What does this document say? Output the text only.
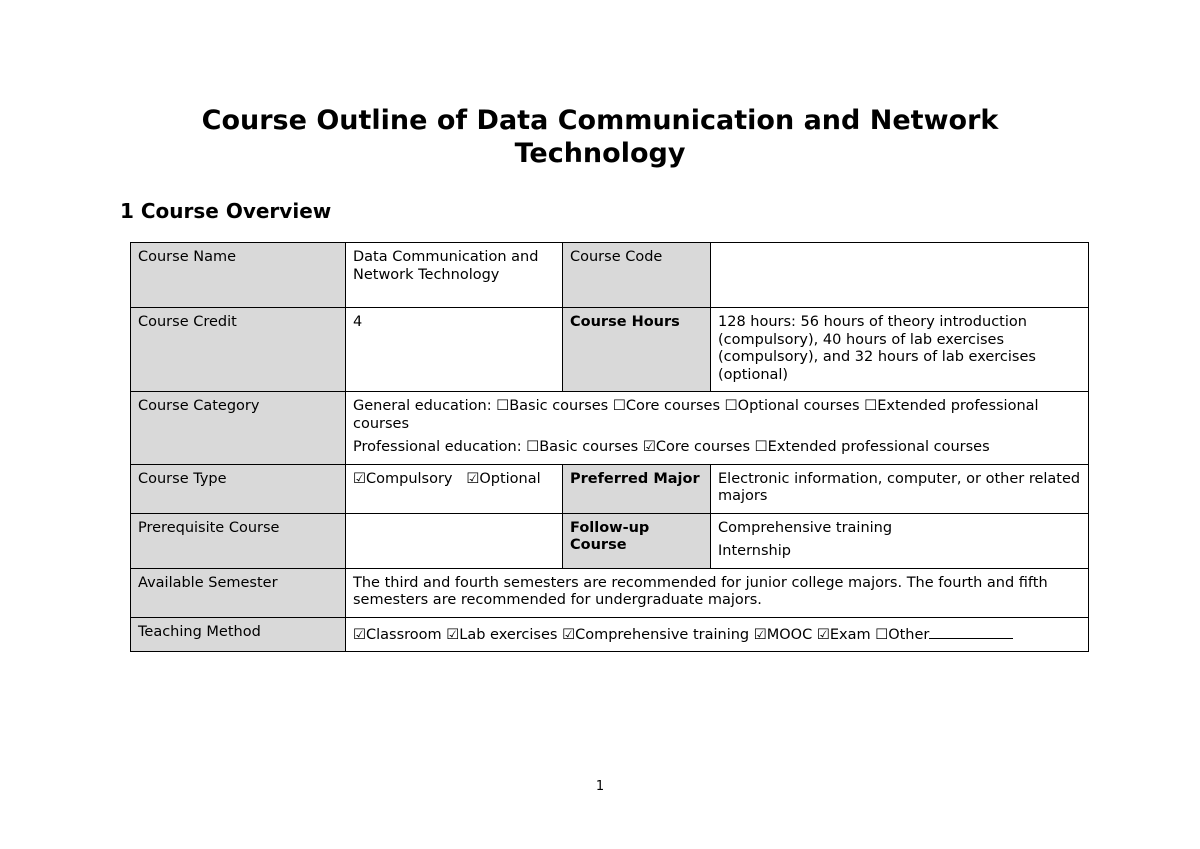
Course Outline of Data Communication and Network Technology
1 Course Overview
Course Name	Data Communication and Network Technology	Course Code	
Course Credit	4	Course Hours	128 hours: 56 hours of theory introduction (compulsory), 40 hours of lab exercises (compulsory), and 32 hours of lab exercises (optional)
Course Category	General education: ☐Basic courses ☐Core courses ☐Optional courses ☐Extended professional courses
Professional education: ☐Basic courses ☑Core courses ☐Extended professional courses		

Course Type	☑Compulsory ☑Optional	Preferred Major	Electronic information, computer, or other related majors
Prerequisite Course		Follow-up Course	Comprehensive training
Internship

Available Semester	The third and fourth semesters are recommended for junior college majors. The fourth and fifth semesters are recommended for undergraduate majors.		
Teaching Method	☑Classroom ☑Lab exercises ☑Comprehensive training ☑MOOC ☑Exam ☐Other		

1
